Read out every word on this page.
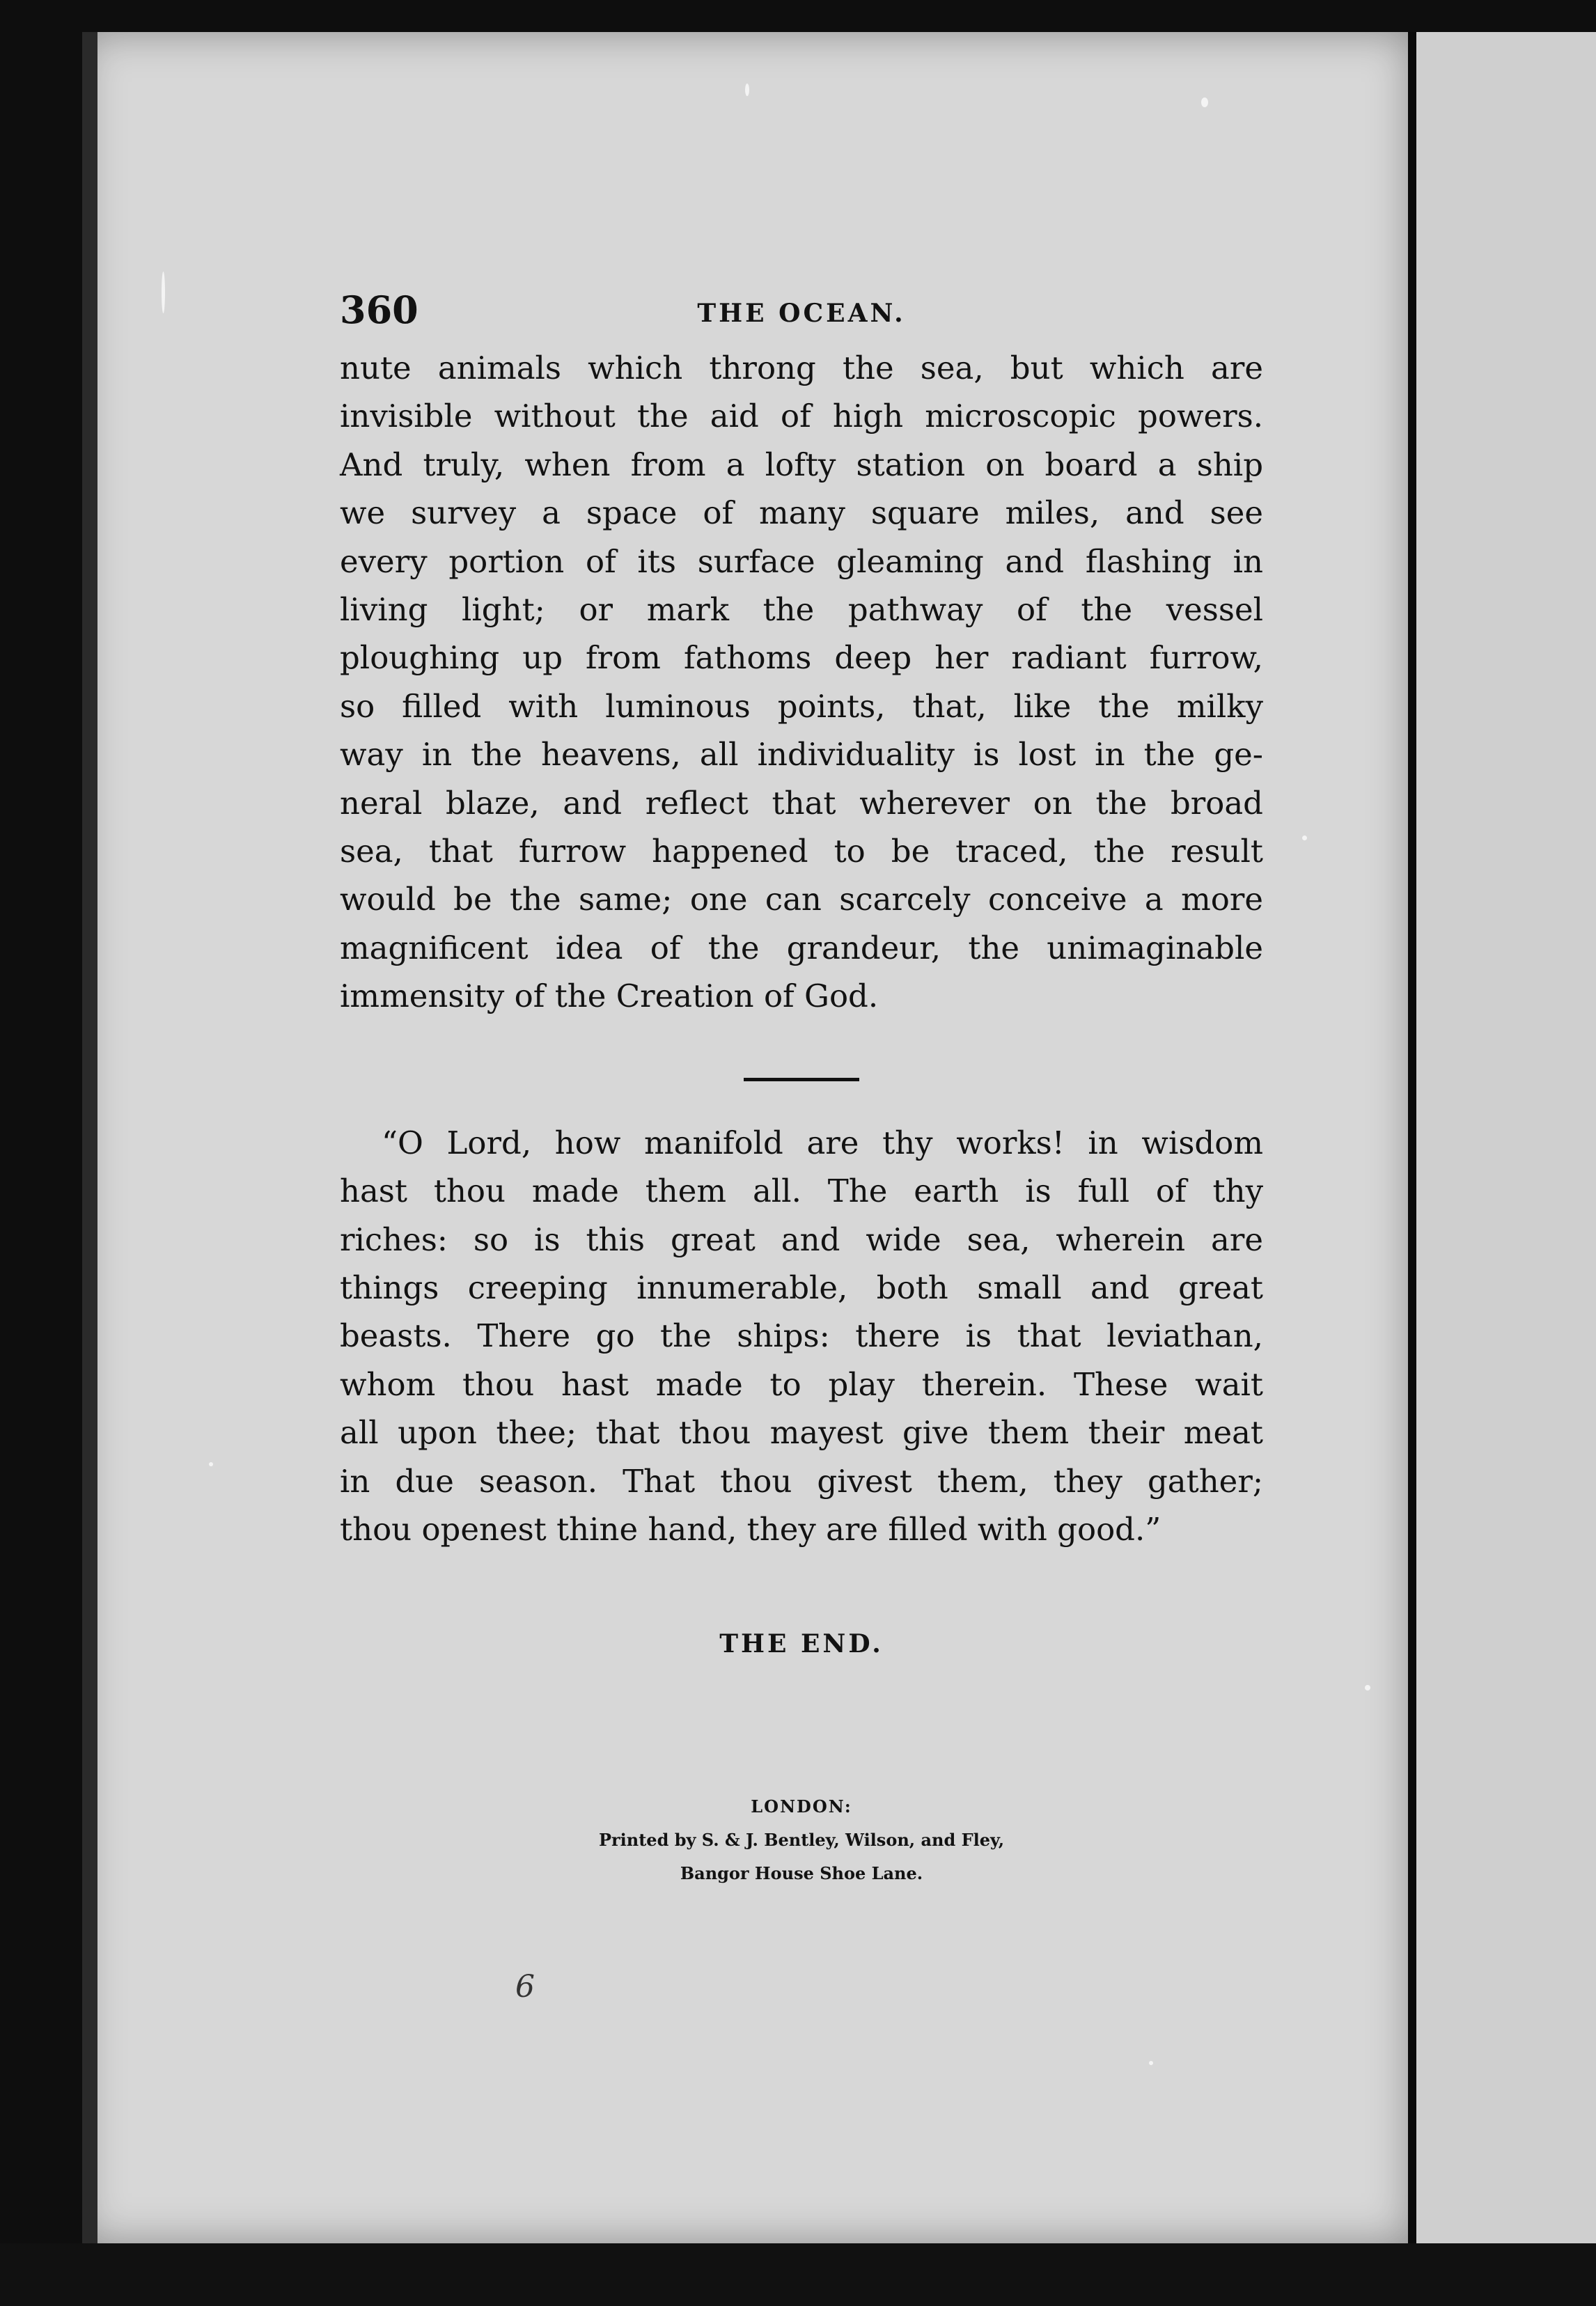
360	THE OCEAN.

nute animals which throng the sea, but which are
invisible without the aid of high microscopic powers.
And truly, when from a lofty station on board a ship
we survey a space of many square miles, and see
every portion of its surface gleaming and flashing in
living light; or mark the pathway of the vessel
ploughing up from fathoms deep her radiant furrow,
so filled with luminous points, that, like the milky
way in the heavens, all individuality is lost in the ge-
neral blaze, and reflect that wherever on the broad
sea, that furrow happened to be traced, the result
would be the same; one can scarcely conceive a more
magnificent idea of the grandeur, the unimaginable
immensity of the Creation of God.

“O Lord, how manifold are thy works! in wisdom
hast thou made them all. The earth is full of thy
riches: so is this great and wide sea, wherein are
things creeping innumerable, both small and great
beasts. There go the ships: there is that leviathan,
whom thou hast made to play therein. These wait
all upon thee; that thou mayest give them their meat
in due season. That thou givest them, they gather;
thou openest thine hand, they are filled with good.”

THE END.
LONDON:
Printed by S. & J. Bentley, Wilson, and Fley,
Bangor House Shoe Lane.
6
